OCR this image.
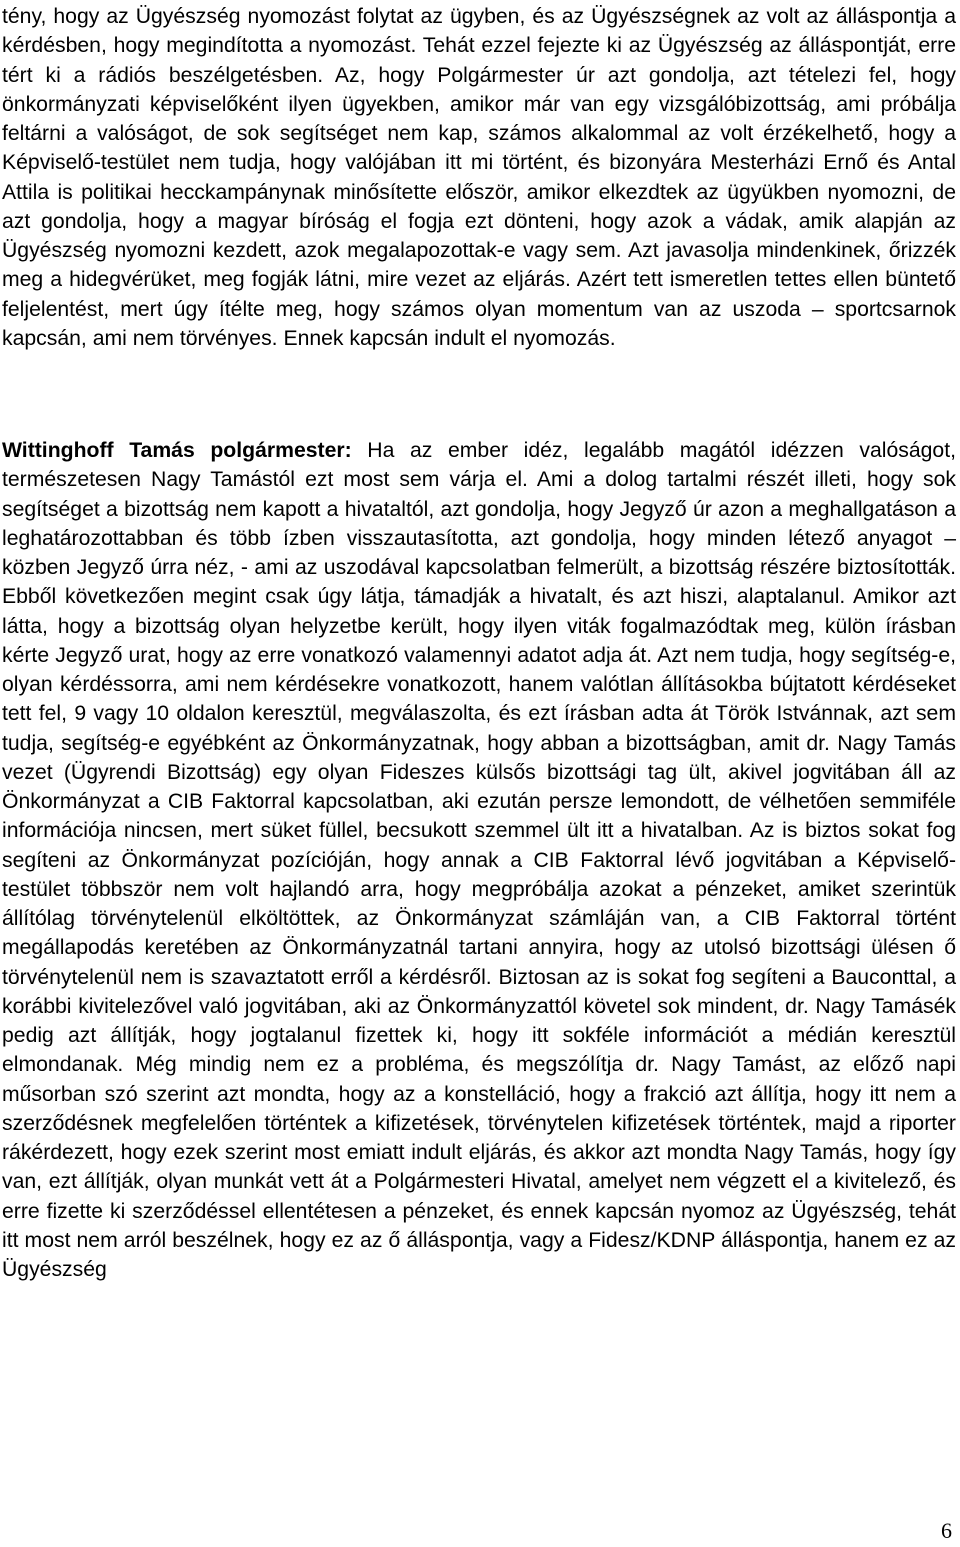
tény, hogy az Ügyészség nyomozást folytat az ügyben, és az Ügyészségnek az volt az álláspontja a kérdésben, hogy megindította a nyomozást. Tehát ezzel fejezte ki az Ügyészség az álláspontját, erre tért ki a rádiós beszélgetésben. Az, hogy Polgármester úr azt gondolja, azt tételezi fel, hogy önkormányzati képviselőként ilyen ügyekben, amikor már van egy vizsgálóbizottság, ami próbálja feltárni a valóságot, de sok segítséget nem kap, számos alkalommal az volt érzékelhető, hogy a Képviselő-testület nem tudja, hogy valójában itt mi történt, és bizonyára Mesterházi Ernő és Antal Attila is politikai hecckampánynak minősítette először, amikor elkezdtek az ügyükben nyomozni, de azt gondolja, hogy a magyar bíróság el fogja ezt dönteni, hogy azok a vádak, amik alapján az Ügyészség nyomozni kezdett, azok megalapozottak-e vagy sem. Azt javasolja mindenkinek, őrizzék meg a hidegvérüket, meg fogják látni, mire vezet az eljárás. Azért tett ismeretlen tettes ellen büntető feljelentést, mert úgy ítélte meg, hogy számos olyan momentum van az uszoda – sportcsarnok kapcsán, ami nem törvényes. Ennek kapcsán indult el nyomozás.

Wittinghoff Tamás polgármester: Ha az ember idéz, legalább magától idézzen valóságot, természetesen Nagy Tamástól ezt most sem várja el. Ami a dolog tartalmi részét illeti, hogy sok segítséget a bizottság nem kapott a hivataltól, azt gondolja, hogy Jegyző úr azon a meghallgatáson a leghatározottabban és több ízben visszautasította, azt gondolja, hogy minden létező anyagot – közben Jegyző úrra néz, - ami az uszodával kapcsolatban felmerült, a bizottság részére biztosították. Ebből következően megint csak úgy látja, támadják a hivatalt, és azt hiszi, alaptalanul. Amikor azt látta, hogy a bizottság olyan helyzetbe került, hogy ilyen viták fogalmazódtak meg, külön írásban kérte Jegyző urat, hogy az erre vonatkozó valamennyi adatot adja át. Azt nem tudja, hogy segítség-e, olyan kérdéssorra, ami nem kérdésekre vonatkozott, hanem valótlan állításokba bújtatott kérdéseket tett fel, 9 vagy 10 oldalon keresztül, megválaszolta, és ezt írásban adta át Török Istvánnak, azt sem tudja, segítség-e egyébként az Önkormányzatnak, hogy abban a bizottságban, amit dr. Nagy Tamás vezet (Ügyrendi Bizottság) egy olyan Fideszes külsős bizottsági tag ült, akivel jogvitában áll az Önkormányzat a CIB Faktorral kapcsolatban, aki ezután persze lemondott, de vélhetően semmiféle információja nincsen, mert süket füllel, becsukott szemmel ült itt a hivatalban. Az is biztos sokat fog segíteni az Önkormányzat pozícióján, hogy annak a CIB Faktorral lévő jogvitában a Képviselő-testület többször nem volt hajlandó arra, hogy megpróbálja azokat a pénzeket, amiket szerintük állítólag törvénytelenül elköltöttek, az Önkormányzat számláján van, a CIB Faktorral történt megállapodás keretében az Önkormányzatnál tartani annyira, hogy az utolsó bizottsági ülésen ő törvénytelenül nem is szavaztatott erről a kérdésről. Biztosan az is sokat fog segíteni a Bauconttal, a korábbi kivitelezővel való jogvitában, aki az Önkormányzattól követel sok mindent, dr. Nagy Tamásék pedig azt állítják, hogy jogtalanul fizettek ki, hogy itt sokféle információt a médián keresztül elmondanak. Még mindig nem ez a probléma, és megszólítja dr. Nagy Tamást, az előző napi műsorban szó szerint azt mondta, hogy az a konstelláció, hogy a frakció azt állítja, hogy itt nem a szerződésnek megfelelően történtek a kifizetések, törvénytelen kifizetések történtek, majd a riporter rákérdezett, hogy ezek szerint most emiatt indult eljárás, és akkor azt mondta Nagy Tamás, hogy így van, ezt állítják, olyan munkát vett át a Polgármesteri Hivatal, amelyet nem végzett el a kivitelező, és erre fizette ki szerződéssel ellentétesen a pénzeket, és ennek kapcsán nyomoz az Ügyészség, tehát itt most nem arról beszélnek, hogy ez az ő álláspontja, vagy a Fidesz/KDNP álláspontja, hanem ez az Ügyészség

6
